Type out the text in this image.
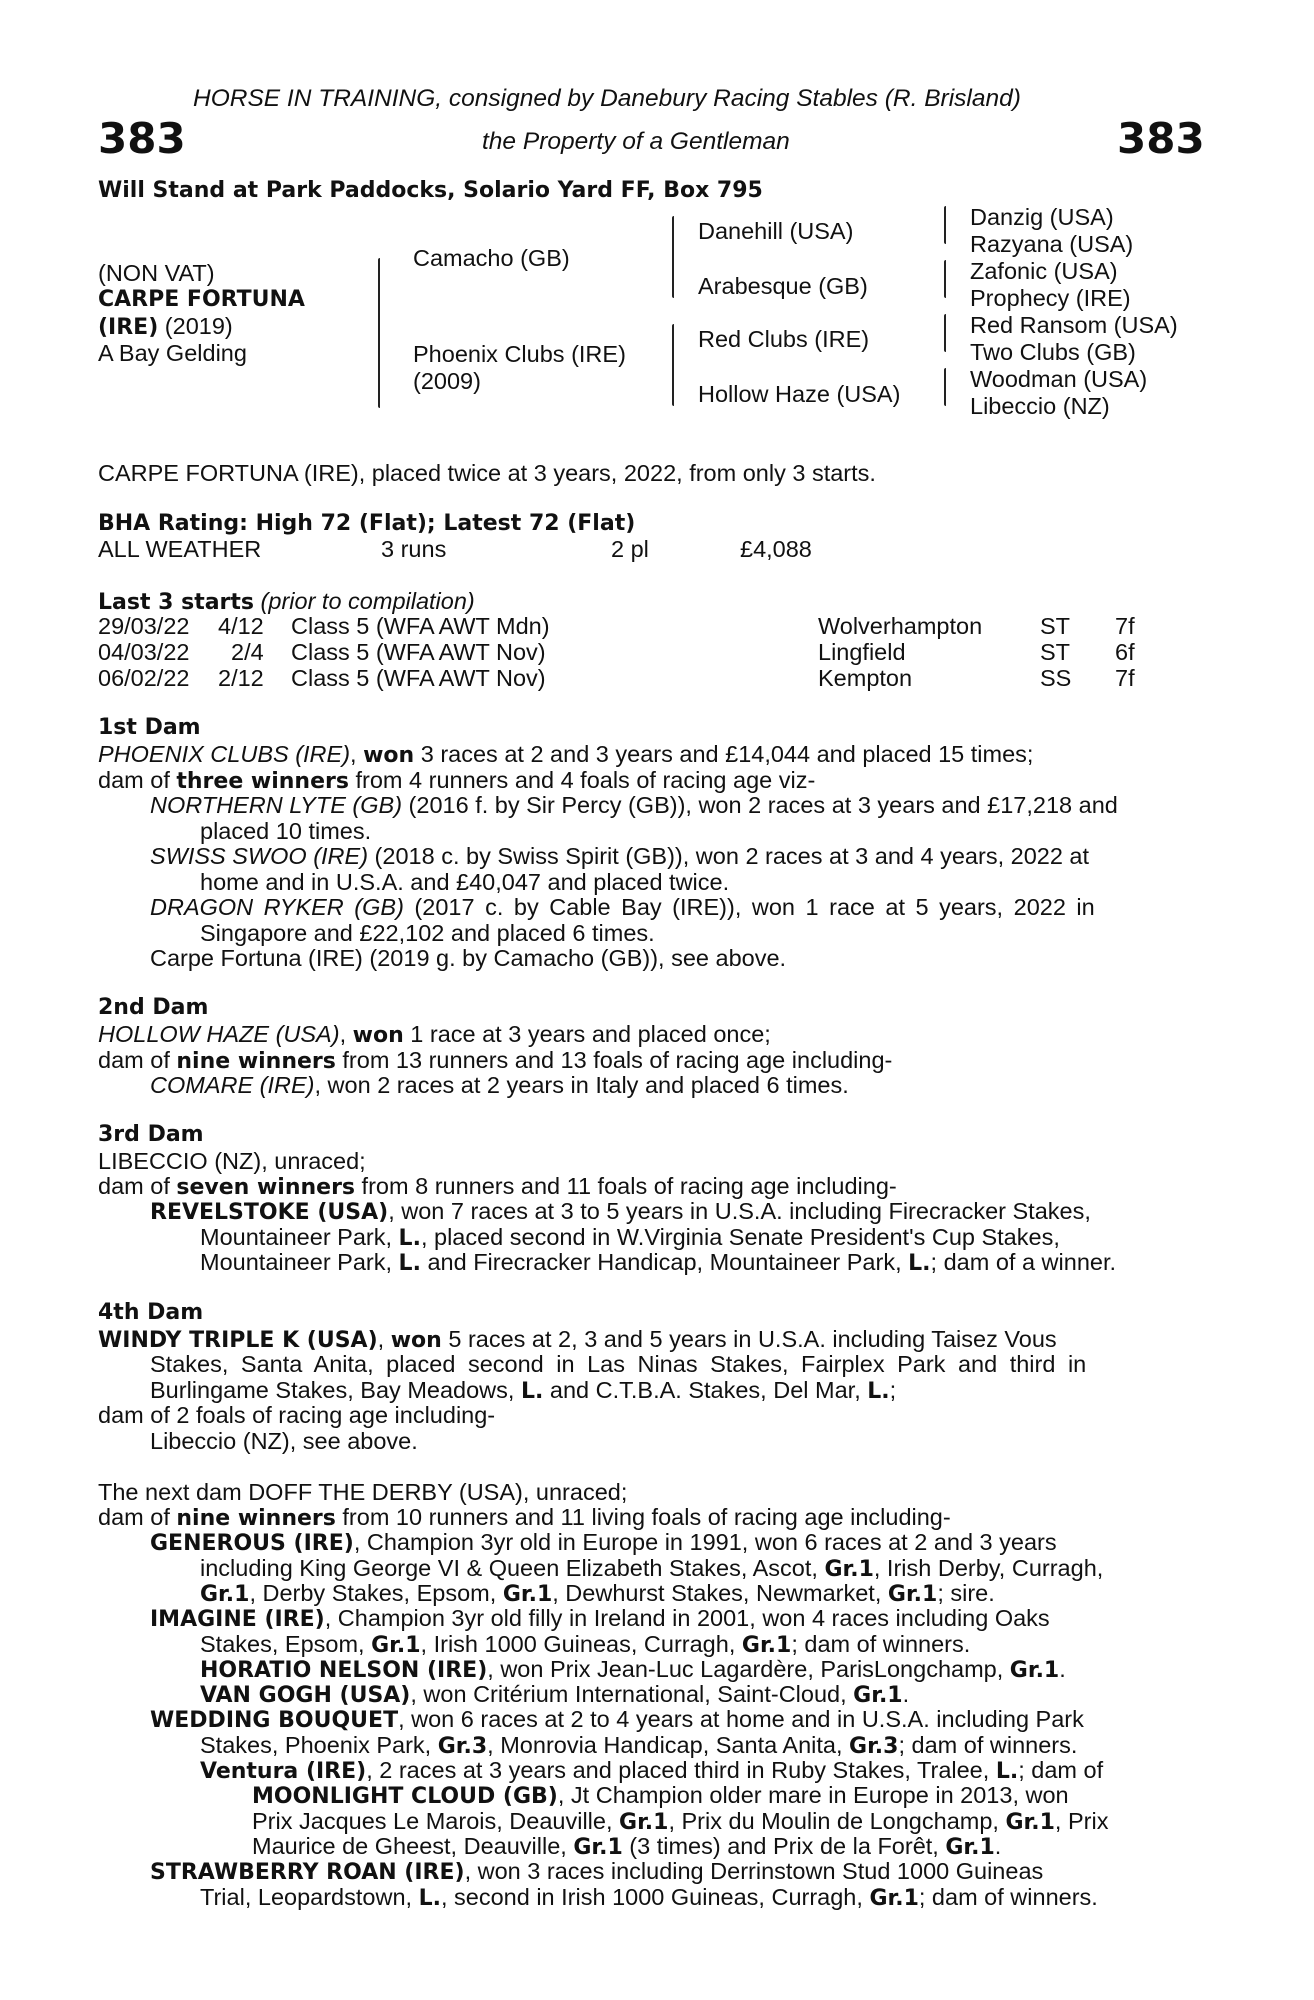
HORSE IN TRAINING, consigned by Danebury Racing Stables (R. Brisland)
383	the Property of a Gentleman	383
Will Stand at Park Paddocks, Solario Yard FF, Box 795
(NON VAT)
CARPE FORTUNA
(IRE) (2019)
A Bay Gelding
Camacho (GB)
Phoenix Clubs (IRE)
(2009)
Danehill (USA)
Arabesque (GB)
Red Clubs (IRE)
Hollow Haze (USA)
Danzig (USA)
Razyana (USA)
Zafonic (USA)
Prophecy (IRE)
Red Ransom (USA)
Two Clubs (GB)
Woodman (USA)
Libeccio (NZ)
CARPE FORTUNA (IRE), placed twice at 3 years, 2022, from only 3 starts.
BHA Rating: High 72 (Flat); Latest 72 (Flat)
ALL WEATHER	3 runs	2 pl	£4,088
Last 3 starts (prior to compilation)
29/03/22 4/12 Class 5 (WFA AWT Mdn)	Wolverhampton ST 7f
04/03/22 2/4 Class 5 (WFA AWT Nov)	Lingfield	ST 6f
06/02/22 2/12 Class 5 (WFA AWT Nov)	Kempton	SS 7f
1st Dam
PHOENIX CLUBS (IRE), won 3 races at 2 and 3 years and £14,044 and placed 15 times;
dam of three winners from 4 runners and 4 foals of racing age viz-
NORTHERN LYTE (GB) (2016 f. by Sir Percy (GB)), won 2 races at 3 years and £17,218 and
placed 10 times.
SWISS SWOO (IRE) (2018 c. by Swiss Spirit (GB)), won 2 races at 3 and 4 years, 2022 at
home and in U.S.A. and £40,047 and placed twice.
DRAGON RYKER (GB) (2017 c. by Cable Bay (IRE)), won 1 race at 5 years, 2022 in
Singapore and £22,102 and placed 6 times.
Carpe Fortuna (IRE) (2019 g. by Camacho (GB)), see above.
2nd Dam
HOLLOW HAZE (USA), won 1 race at 3 years and placed once;
dam of nine winners from 13 runners and 13 foals of racing age including-
COMARE (IRE), won 2 races at 2 years in Italy and placed 6 times.
3rd Dam
LIBECCIO (NZ), unraced;
dam of seven winners from 8 runners and 11 foals of racing age including-
REVELSTOKE (USA), won 7 races at 3 to 5 years in U.S.A. including Firecracker Stakes,
Mountaineer Park, L., placed second in W.Virginia Senate President's Cup Stakes,
Mountaineer Park, L. and Firecracker Handicap, Mountaineer Park, L.; dam of a winner.
4th Dam
WINDY TRIPLE K (USA), won 5 races at 2, 3 and 5 years in U.S.A. including Taisez Vous
Stakes, Santa Anita, placed second in Las Ninas Stakes, Fairplex Park and third in
Burlingame Stakes, Bay Meadows, L. and C.T.B.A. Stakes, Del Mar, L.;
dam of 2 foals of racing age including-
Libeccio (NZ), see above.
The next dam DOFF THE DERBY (USA), unraced;
dam of nine winners from 10 runners and 11 living foals of racing age including-
GENEROUS (IRE), Champion 3yr old in Europe in 1991, won 6 races at 2 and 3 years
including King George VI & Queen Elizabeth Stakes, Ascot, Gr.1, Irish Derby, Curragh,
Gr.1, Derby Stakes, Epsom, Gr.1, Dewhurst Stakes, Newmarket, Gr.1; sire.
IMAGINE (IRE), Champion 3yr old filly in Ireland in 2001, won 4 races including Oaks
Stakes, Epsom, Gr.1, Irish 1000 Guineas, Curragh, Gr.1; dam of winners.
HORATIO NELSON (IRE), won Prix Jean-Luc Lagardère, ParisLongchamp, Gr.1.
VAN GOGH (USA), won Critérium International, Saint-Cloud, Gr.1.
WEDDING BOUQUET, won 6 races at 2 to 4 years at home and in U.S.A. including Park
Stakes, Phoenix Park, Gr.3, Monrovia Handicap, Santa Anita, Gr.3; dam of winners.
Ventura (IRE), 2 races at 3 years and placed third in Ruby Stakes, Tralee, L.; dam of
MOONLIGHT CLOUD (GB), Jt Champion older mare in Europe in 2013, won
Prix Jacques Le Marois, Deauville, Gr.1, Prix du Moulin de Longchamp, Gr.1, Prix
Maurice de Gheest, Deauville, Gr.1 (3 times) and Prix de la Forêt, Gr.1.
STRAWBERRY ROAN (IRE), won 3 races including Derrinstown Stud 1000 Guineas
Trial, Leopardstown, L., second in Irish 1000 Guineas, Curragh, Gr.1; dam of winners.
